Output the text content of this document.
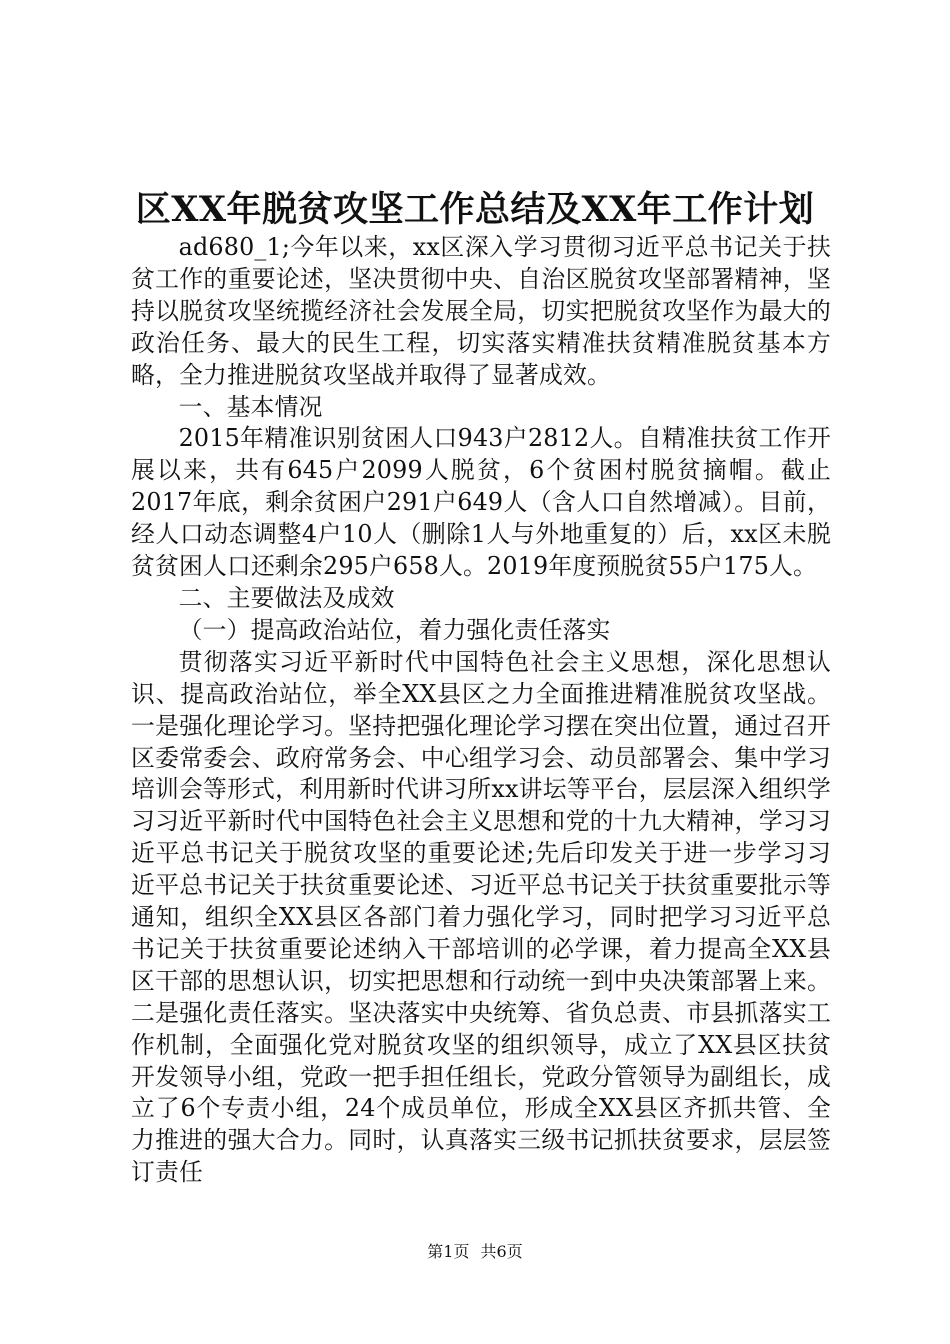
区XX年脱贫攻坚工作总结及XX年工作计划

ad680_1;今年以来，xx区深入学习贯彻习近平总书记关于扶贫工作的重要论述，坚决贯彻中央、自治区脱贫攻坚部署精神，坚持以脱贫攻坚统揽经济社会发展全局，切实把脱贫攻坚作为最大的政治任务、最大的民生工程，切实落实精准扶贫精准脱贫基本方略，全力推进脱贫攻坚战并取得了显著成效。

一、基本情况

2015年精准识别贫困人口943户2812人。自精准扶贫工作开展以来，共有645户2099人脱贫，6个贫困村脱贫摘帽。截止2017年底，剩余贫困户291户649人（含人口自然增减）。目前，经人口动态调整4户10人（删除1人与外地重复的）后，xx区未脱贫贫困人口还剩余295户658人。2019年度预脱贫55户175人。

二、主要做法及成效

（一）提高政治站位，着力强化责任落实

贯彻落实习近平新时代中国特色社会主义思想，深化思想认识、提高政治站位，举全XX县区之力全面推进精准脱贫攻坚战。一是强化理论学习。坚持把强化理论学习摆在突出位置，通过召开区委常委会、政府常务会、中心组学习会、动员部署会、集中学习培训会等形式，利用新时代讲习所xx讲坛等平台，层层深入组织学习习近平新时代中国特色社会主义思想和党的十九大精神，学习习近平总书记关于脱贫攻坚的重要论述;先后印发关于进一步学习习近平总书记关于扶贫重要论述、习近平总书记关于扶贫重要批示等通知，组织全XX县区各部门着力强化学习，同时把学习习近平总书记关于扶贫重要论述纳入干部培训的必学课，着力提高全XX县区干部的思想认识，切实把思想和行动统一到中央决策部署上来。二是强化责任落实。坚决落实中央统筹、省负总责、市县抓落实工作机制，全面强化党对脱贫攻坚的组织领导，成立了XX县区扶贫开发领导小组，党政一把手担任组长，党政分管领导为副组长，成立了6个专责小组，24个成员单位，形成全XX县区齐抓共管、全力推进的强大合力。同时，认真落实三级书记抓扶贫要求，层层签订责任

第1页 共6页
